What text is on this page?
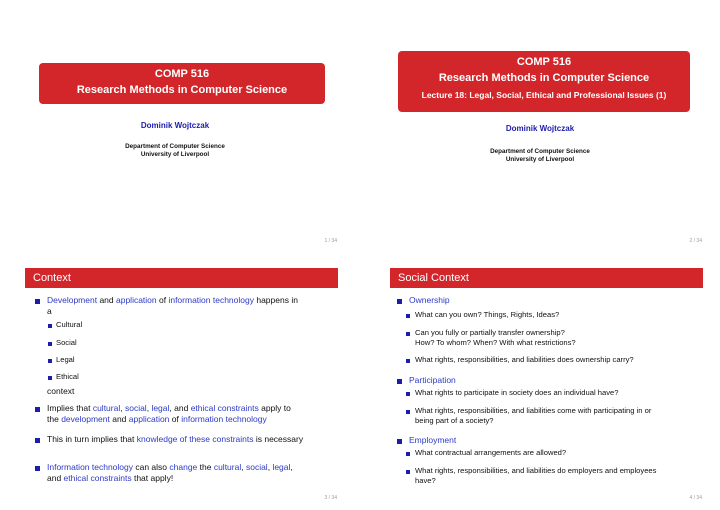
COMP 516
Research Methods in Computer Science
Dominik Wojtczak
Department of Computer Science
University of Liverpool
1 / 34
COMP 516
Research Methods in Computer Science
Lecture 18: Legal, Social, Ethical and Professional Issues (1)
Dominik Wojtczak
Department of Computer Science
University of Liverpool
2 / 34
Context
Development and application of information technology happens in
a
Cultural
Social
Legal
Ethical
context
Implies that cultural, social, legal, and ethical constraints apply to
the development and application of information technology
This in turn implies that knowledge of these constraints is necessary
Information technology can also change the cultural, social, legal,
and ethical constraints that apply!
3 / 34
Social Context
Ownership
What can you own? Things, Rights, Ideas?
Can you fully or partially transfer ownership?
How? To whom? When? With what restrictions?
What rights, responsibilities, and liabilities does ownership carry?
Participation
What rights to participate in society does an individual have?
What rights, responsibilities, and liabilities come with participating in or
being part of a society?
Employment
What contractual arrangements are allowed?
What rights, responsibilities, and liabilities do employers and employees
have?
4 / 34
